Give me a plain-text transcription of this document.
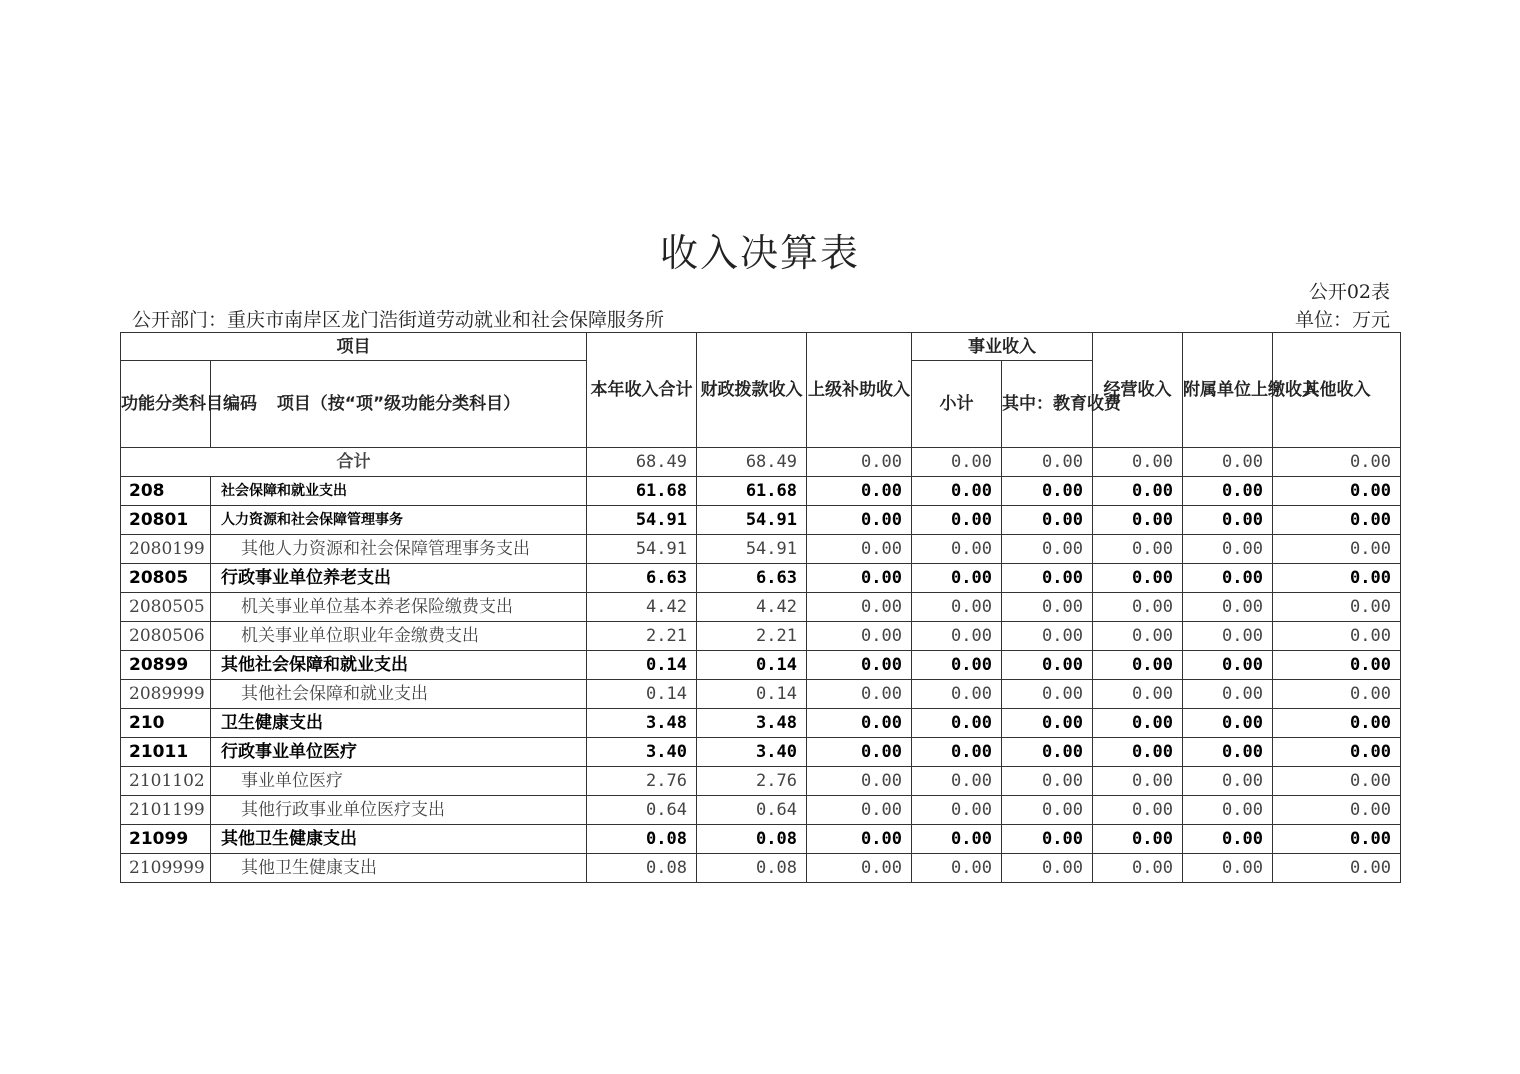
收入决算表
公开02表
公开部门：重庆市南岸区龙门浩街道劳动就业和社会保障服务所	单位：万元
项目		本年收入合计	财政拨款收入	上级补助收入	事业收入		经营收入	附属单位上缴收入	其他收入
功能分类科目编码	项目（按“项”级功能分类科目）				小计	其中：教育收费			
合计		68.49	68.49	0.00	0.00	0.00	0.00	0.00	0.00
208	社会保障和就业支出	61.68	61.68	0.00	0.00	0.00	0.00	0.00	0.00
20801	人力资源和社会保障管理事务	54.91	54.91	0.00	0.00	0.00	0.00	0.00	0.00
2080199	其他人力资源和社会保障管理事务支出	54.91	54.91	0.00	0.00	0.00	0.00	0.00	0.00
20805	行政事业单位养老支出	6.63	6.63	0.00	0.00	0.00	0.00	0.00	0.00
2080505	机关事业单位基本养老保险缴费支出	4.42	4.42	0.00	0.00	0.00	0.00	0.00	0.00
2080506	机关事业单位职业年金缴费支出	2.21	2.21	0.00	0.00	0.00	0.00	0.00	0.00
20899	其他社会保障和就业支出	0.14	0.14	0.00	0.00	0.00	0.00	0.00	0.00
2089999	其他社会保障和就业支出	0.14	0.14	0.00	0.00	0.00	0.00	0.00	0.00
210	卫生健康支出	3.48	3.48	0.00	0.00	0.00	0.00	0.00	0.00
21011	行政事业单位医疗	3.40	3.40	0.00	0.00	0.00	0.00	0.00	0.00
2101102	事业单位医疗	2.76	2.76	0.00	0.00	0.00	0.00	0.00	0.00
2101199	其他行政事业单位医疗支出	0.64	0.64	0.00	0.00	0.00	0.00	0.00	0.00
21099	其他卫生健康支出	0.08	0.08	0.00	0.00	0.00	0.00	0.00	0.00
2109999	其他卫生健康支出	0.08	0.08	0.00	0.00	0.00	0.00	0.00	0.00
